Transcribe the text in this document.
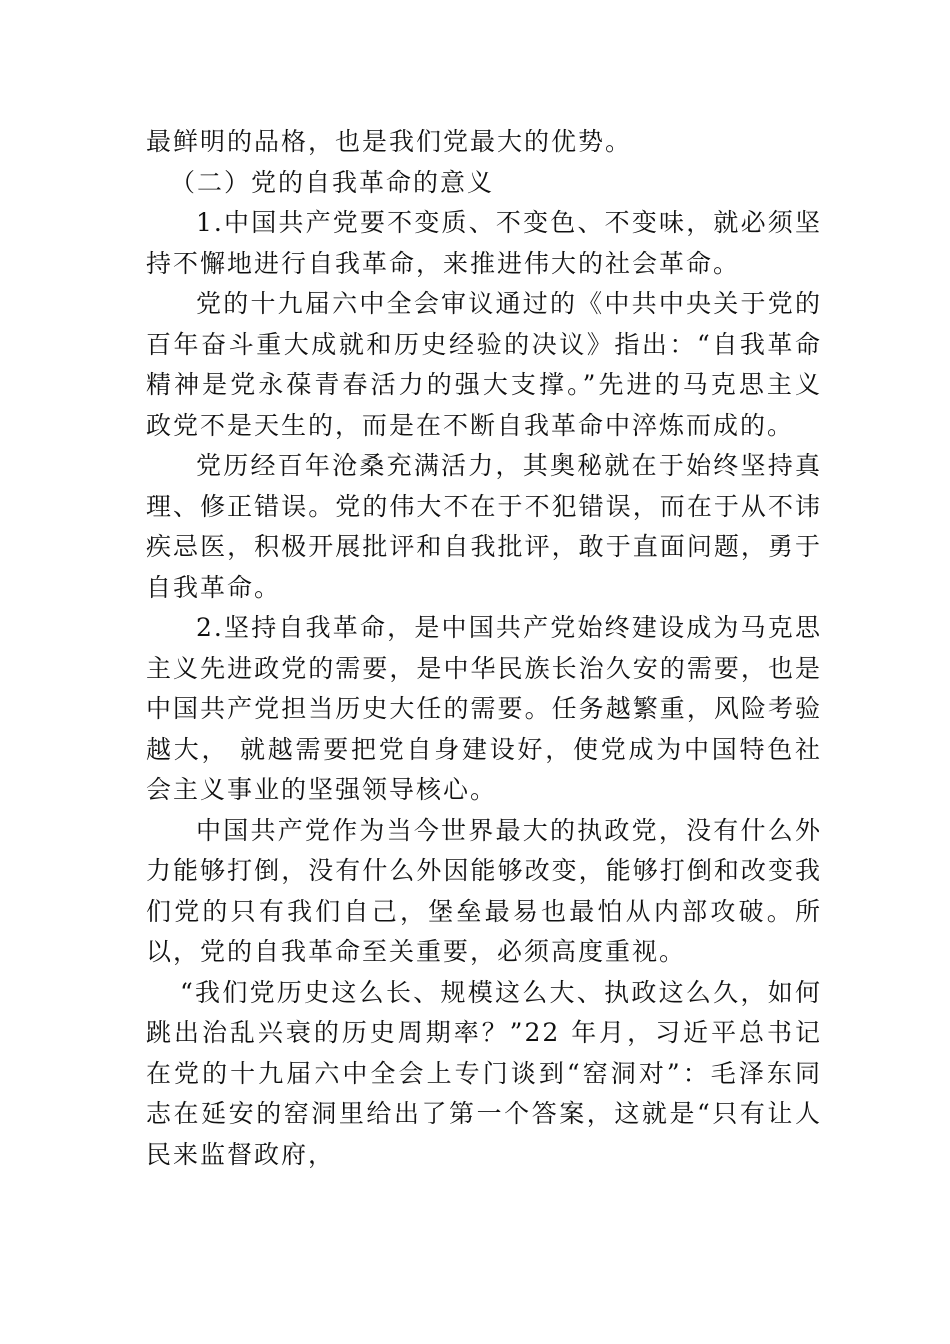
最鲜明的品格，也是我们党最大的优势。

（二）党的自我革命的意义

1.中国共产党要不变质、不变色、不变味，就必须坚持不懈地进行自我革命，来推进伟大的社会革命。

党的十九届六中全会审议通过的《中共中央关于党的百年奋斗重大成就和历史经验的决议》指出：“自我革命精神是党永葆青春活力的强大支撑。”先进的马克思主义政党不是天生的，而是在不断自我革命中淬炼而成的。

党历经百年沧桑充满活力，其奥秘就在于始终坚持真理、修正错误。党的伟大不在于不犯错误，而在于从不讳疾忌医，积极开展批评和自我批评，敢于直面问题，勇于自我革命。

2.坚持自我革命，是中国共产党始终建设成为马克思主义先进政党的需要，是中华民族长治久安的需要，也是中国共产党担当历史大任的需要。任务越繁重，风险考验越大， 就越需要把党自身建设好，使党成为中国特色社会主义事业的坚强领导核心。

中国共产党作为当今世界最大的执政党，没有什么外力能够打倒，没有什么外因能够改变，能够打倒和改变我们党的只有我们自己，堡垒最易也最怕从内部攻破。所以，党的自我革命至关重要，必须高度重视。

“我们党历史这么长、规模这么大、执政这么久，如何跳出治乱兴衰的历史周期率？”22 年月，习近平总书记在党的十九届六中全会上专门谈到“窑洞对”：毛泽东同志在延安的窑洞里给出了第一个答案，这就是“只有让人民来监督政府，
